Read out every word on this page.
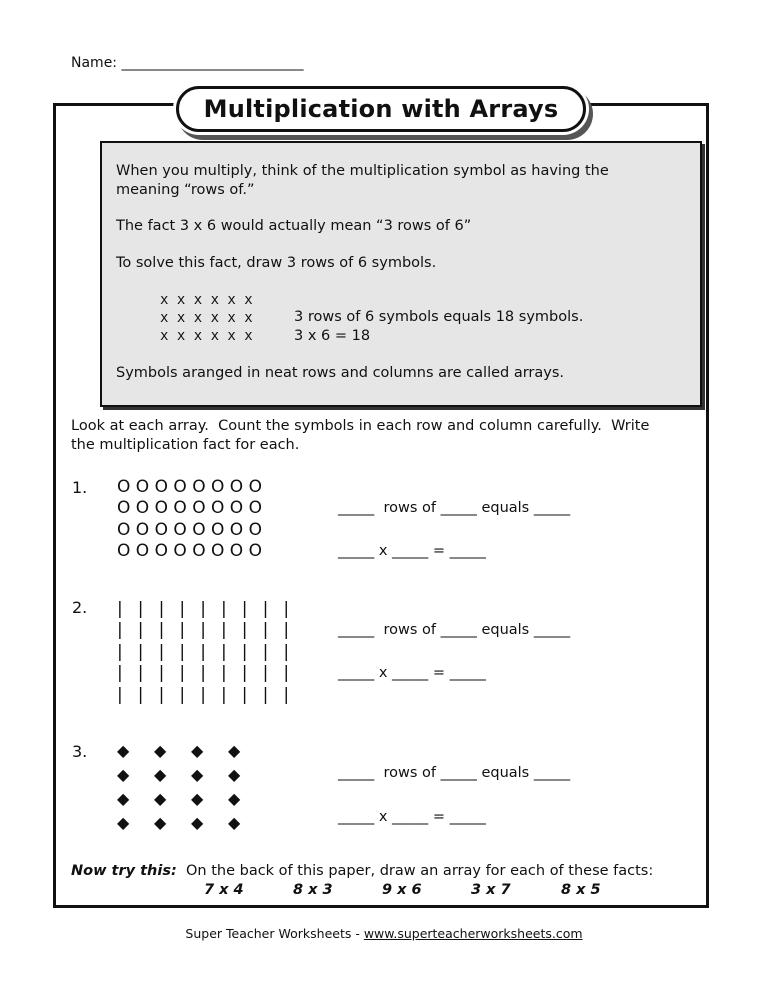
Name: __________________________
Multiplication with Arrays
When you multiply, think of the multiplication symbol as having the
meaning “rows of.”
The fact 3 x 6 would actually mean “3 rows of 6”
To solve this fact, draw 3 rows of 6 symbols.
x x x x x x
x x x x x x
x x x x x x
3 rows of 6 symbols equals 18 symbols.
3 x 6 = 18
Symbols aranged in neat rows and columns are called arrays.
Look at each array.  Count the symbols in each row and column carefully.  Write
the multiplication fact for each.
1. O O O O O O O O
O O O O O O O O
O O O O O O O O
O O O O O O O O
_____  rows of _____ equals _____
_____ x _____ = _____
2. | | | | | | | | |
| | | | | | | | |
| | | | | | | | |
| | | | | | | | |
| | | | | | | | |
_____  rows of _____ equals _____
_____ x _____ = _____
3. ◆	◆	◆	◆
◆	◆	◆	◆
◆	◆	◆	◆
◆	◆	◆	◆
_____  rows of _____ equals _____
_____ x _____ = _____
Now try this:  On the back of this paper, draw an array for each of these facts:
7 x 4	8 x 3	9 x 6	3 x 7	8 x 5
Super Teacher Worksheets - www.superteacherworksheets.com
